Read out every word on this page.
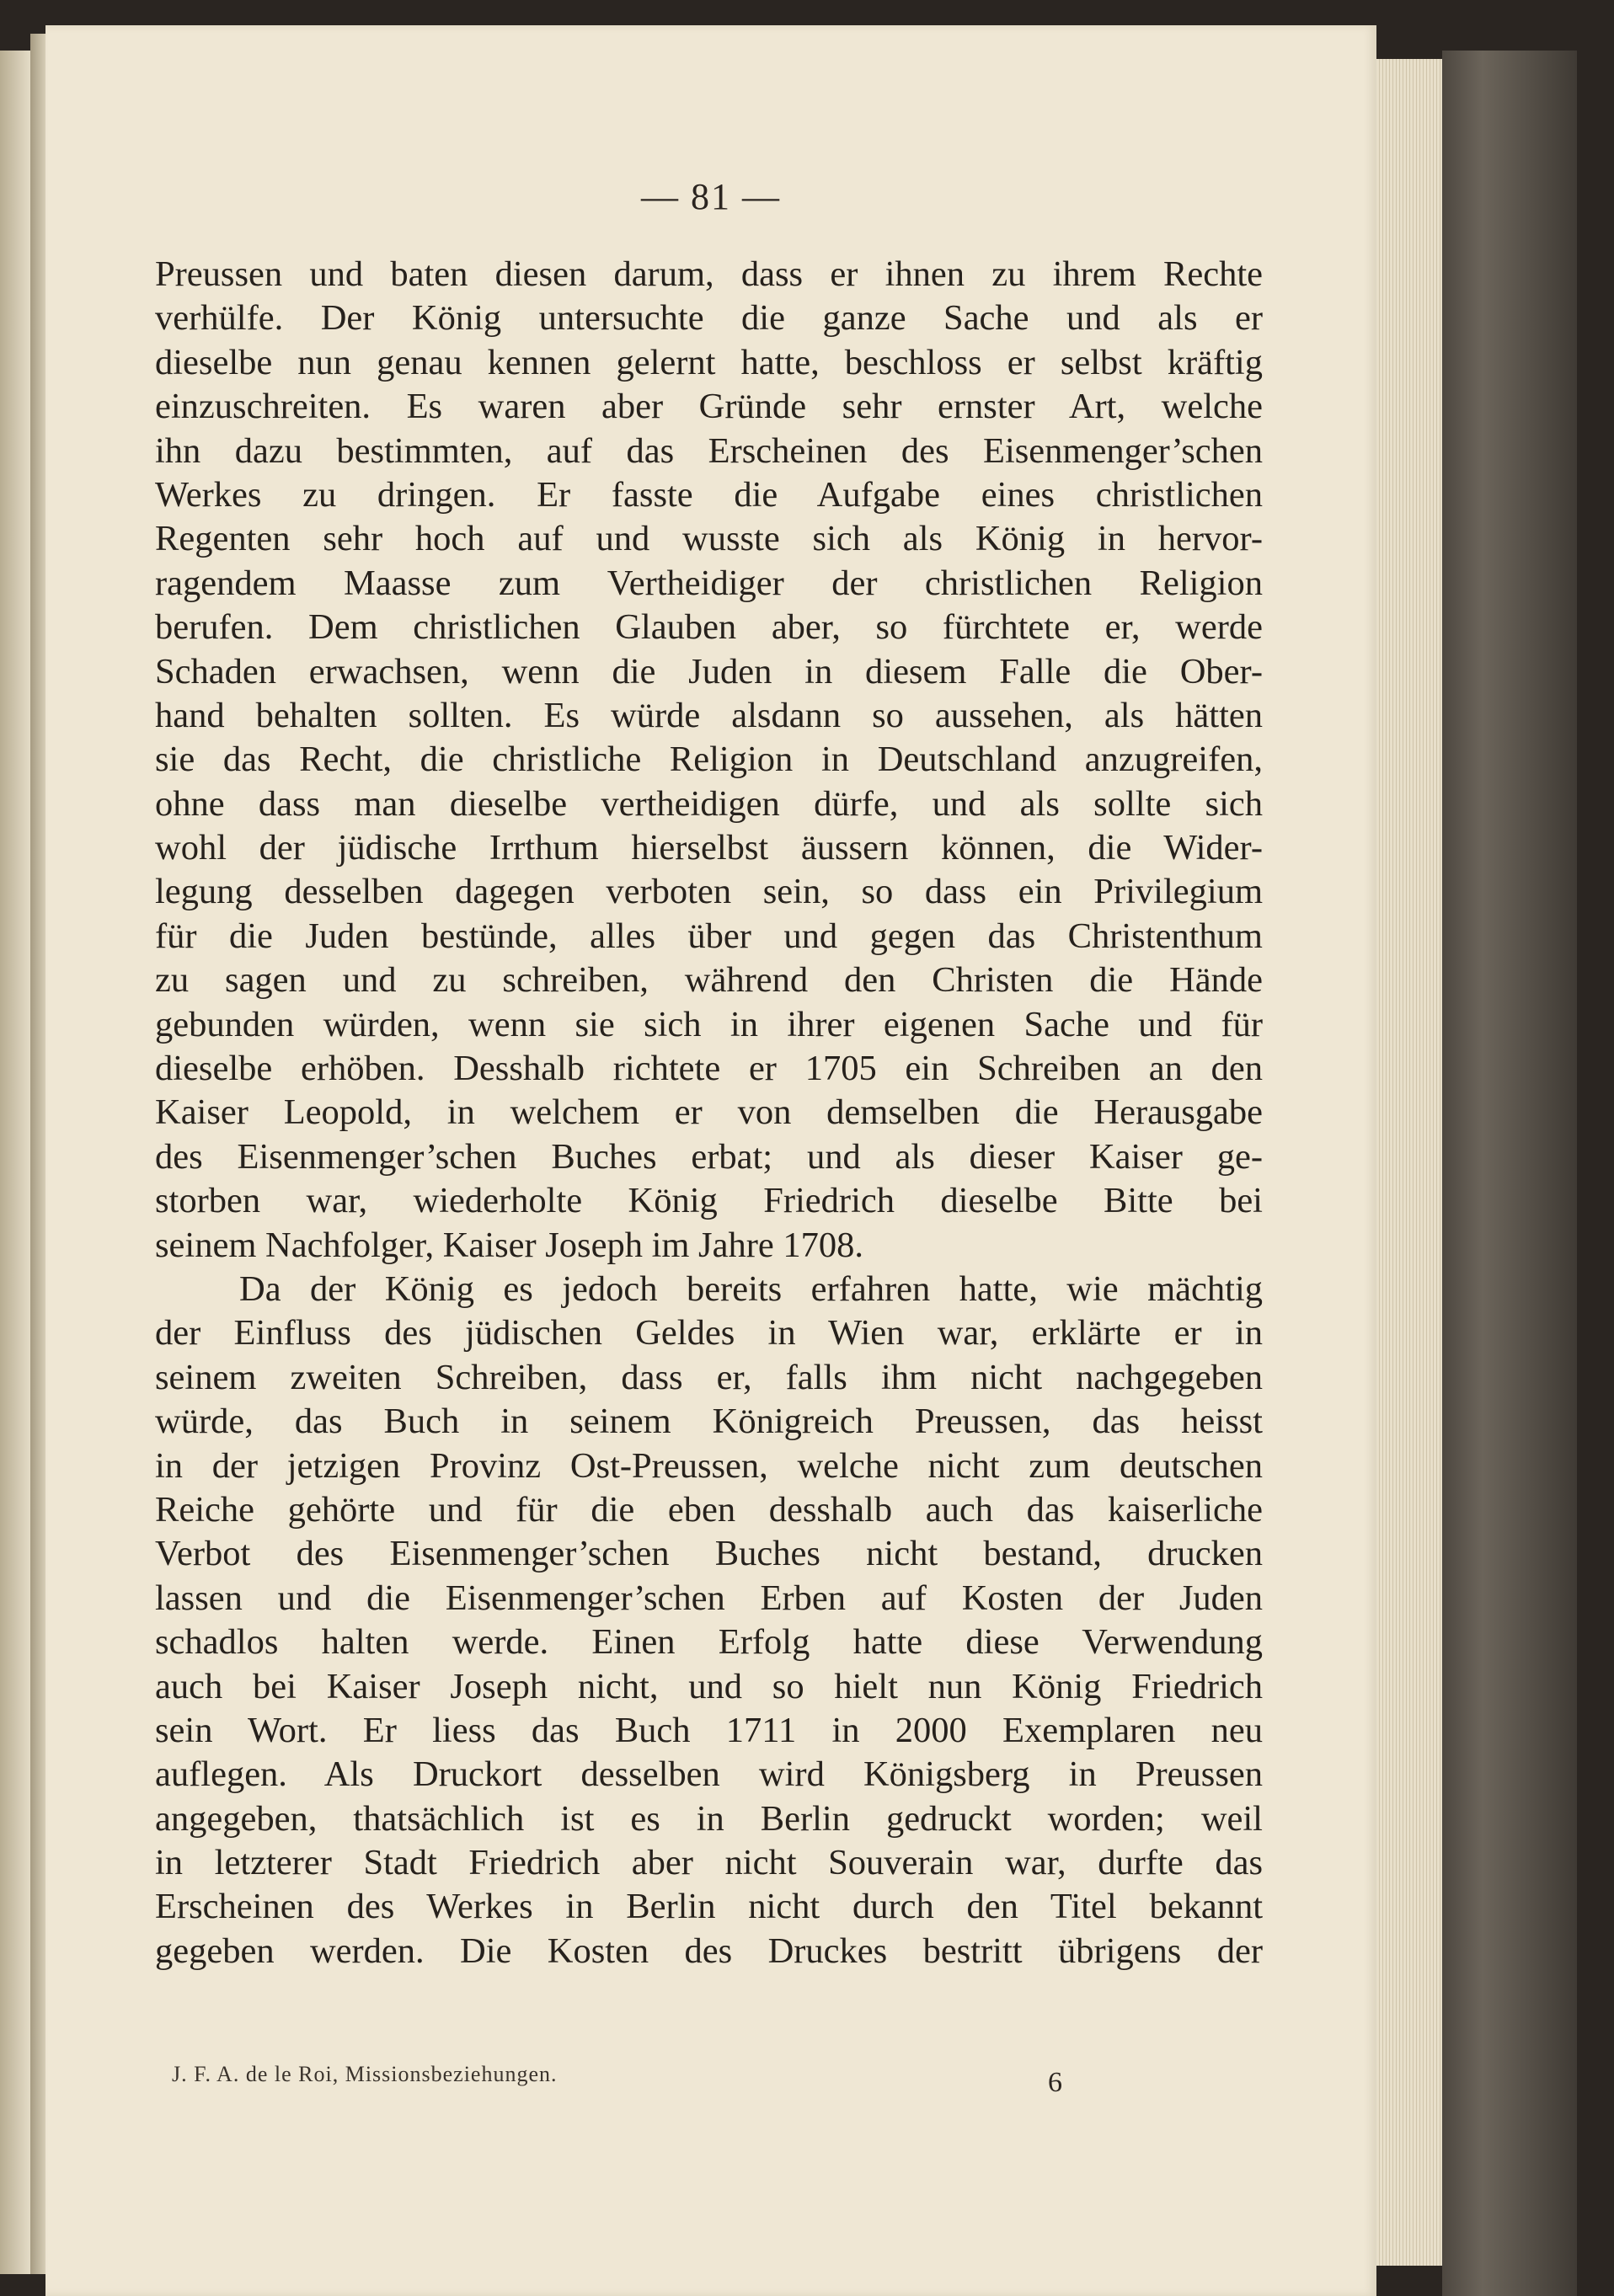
— 81 —
Preussen und baten diesen darum, dass er ihnen zu ihrem Rechte
verhülfe. Der König untersuchte die ganze Sache und als er
dieselbe nun genau kennen gelernt hatte, beschloss er selbst kräftig
einzuschreiten. Es waren aber Gründe sehr ernster Art, welche
ihn dazu bestimmten, auf das Erscheinen des Eisenmenger’schen
Werkes zu dringen. Er fasste die Aufgabe eines christlichen
Regenten sehr hoch auf und wusste sich als König in hervor-
ragendem Maasse zum Vertheidiger der christlichen Religion
berufen. Dem christlichen Glauben aber, so fürchtete er, werde
Schaden erwachsen, wenn die Juden in diesem Falle die Ober-
hand behalten sollten. Es würde alsdann so aussehen, als hätten
sie das Recht, die christliche Religion in Deutschland anzugreifen,
ohne dass man dieselbe vertheidigen dürfe, und als sollte sich
wohl der jüdische Irrthum hierselbst äussern können, die Wider-
legung desselben dagegen verboten sein, so dass ein Privilegium
für die Juden bestünde, alles über und gegen das Christenthum
zu sagen und zu schreiben, während den Christen die Hände
gebunden würden, wenn sie sich in ihrer eigenen Sache und für
dieselbe erhöben. Desshalb richtete er 1705 ein Schreiben an den
Kaiser Leopold, in welchem er von demselben die Herausgabe
des Eisenmenger’schen Buches erbat; und als dieser Kaiser ge-
storben war, wiederholte König Friedrich dieselbe Bitte bei
seinem Nachfolger, Kaiser Joseph im Jahre 1708.
Da der König es jedoch bereits erfahren hatte, wie mächtig
der Einfluss des jüdischen Geldes in Wien war, erklärte er in
seinem zweiten Schreiben, dass er, falls ihm nicht nachgegeben
würde, das Buch in seinem Königreich Preussen, das heisst
in der jetzigen Provinz Ost-Preussen, welche nicht zum deutschen
Reiche gehörte und für die eben desshalb auch das kaiserliche
Verbot des Eisenmenger’schen Buches nicht bestand, drucken
lassen und die Eisenmenger’schen Erben auf Kosten der Juden
schadlos halten werde. Einen Erfolg hatte diese Verwendung
auch bei Kaiser Joseph nicht, und so hielt nun König Friedrich
sein Wort. Er liess das Buch 1711 in 2000 Exemplaren neu
auflegen. Als Druckort desselben wird Königsberg in Preussen
angegeben, thatsächlich ist es in Berlin gedruckt worden; weil
in letzterer Stadt Friedrich aber nicht Souverain war, durfte das
Erscheinen des Werkes in Berlin nicht durch den Titel bekannt
gegeben werden. Die Kosten des Druckes bestritt übrigens der
J. F. A. de le Roi, Missionsbeziehungen.	6
